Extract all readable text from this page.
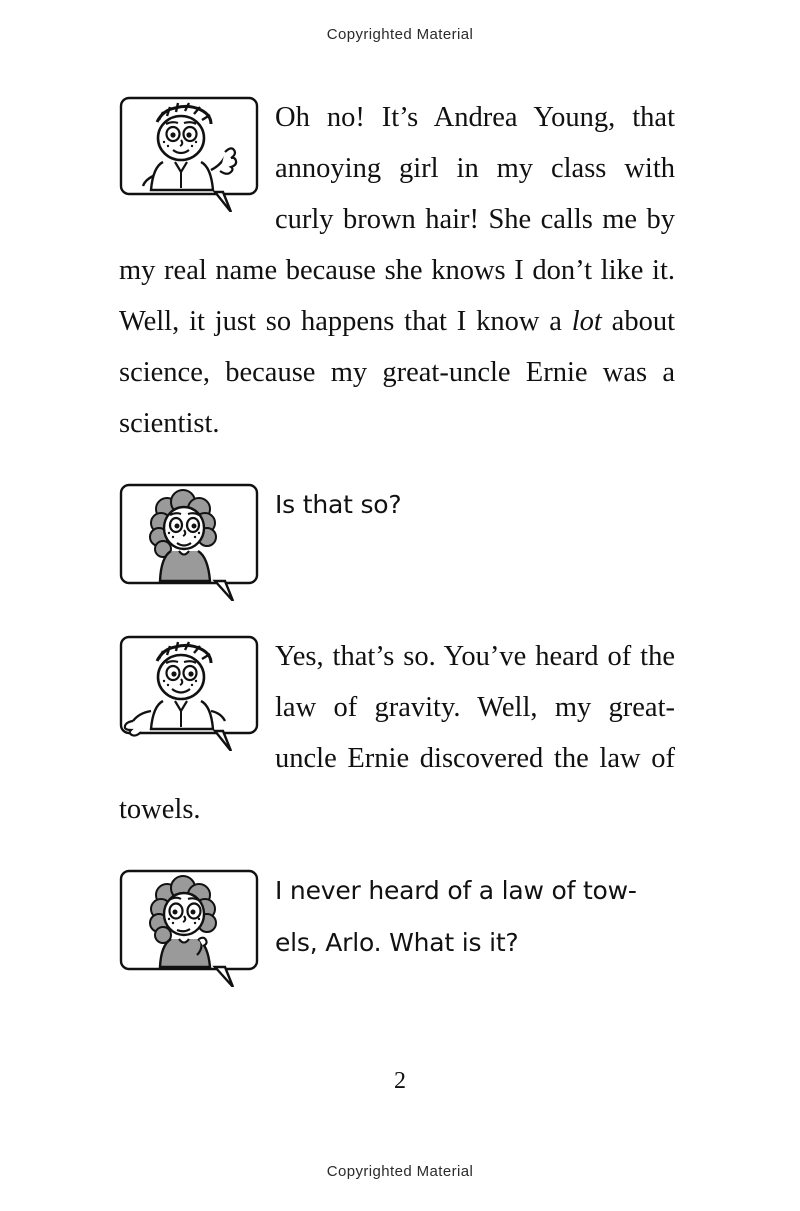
Copyrighted Material
Oh no! It’s Andrea Young, that annoying girl in my class with curly brown hair! She calls me by my real name because she knows I don’t like it. Well, it just so happens that I know a lot about science, because my great-uncle Ernie was a scientist.
Is that so?
Yes, that’s so. You’ve heard of the law of gravity. Well, my great-uncle Ernie discovered the law of towels.
I never heard of a law of tow-els, Arlo. What is it?
2
Copyrighted Material
